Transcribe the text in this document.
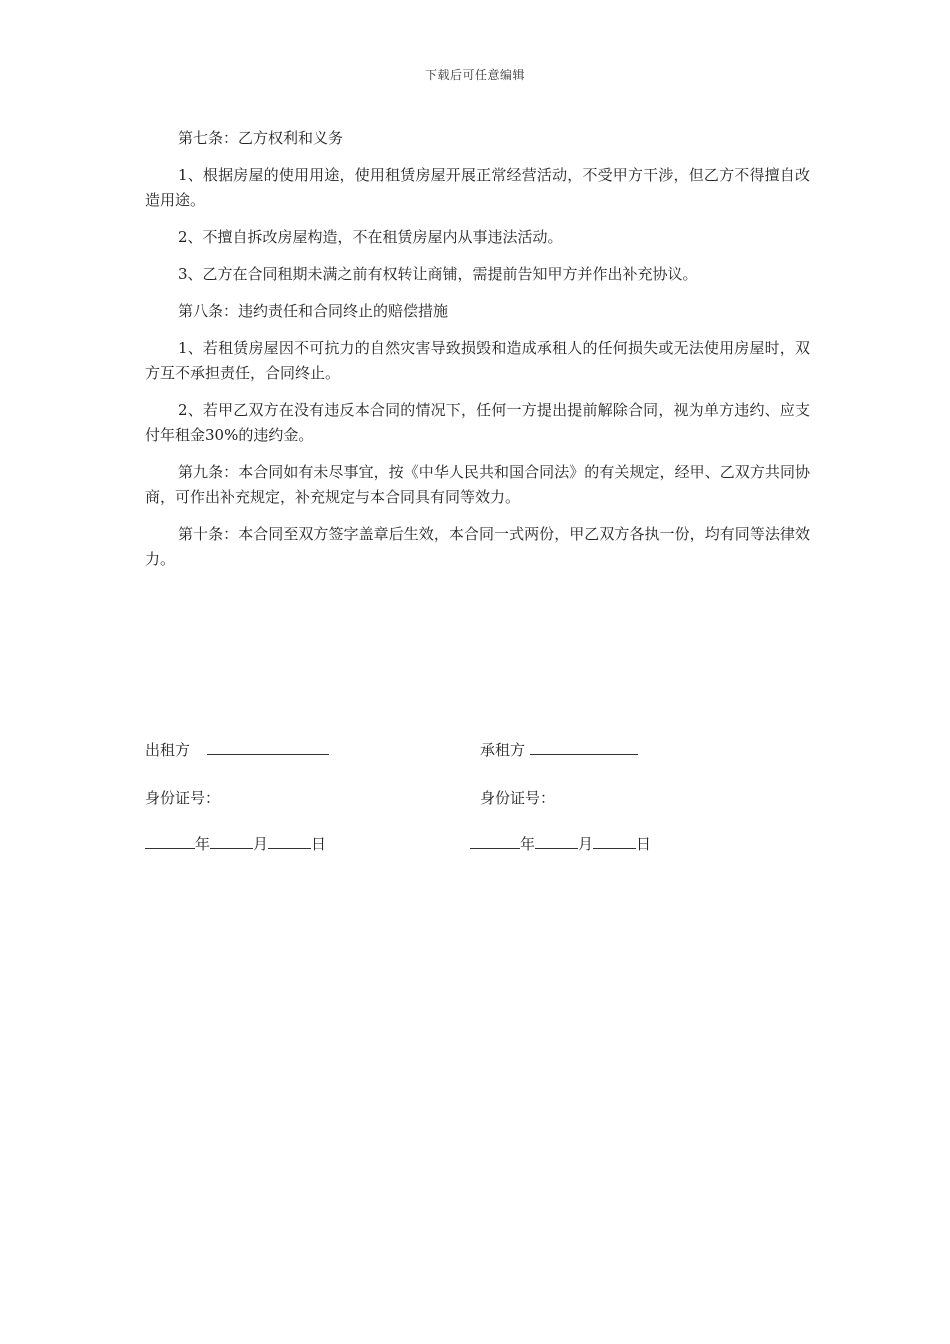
下载后可任意编辑

第七条：乙方权利和义务

1、根据房屋的使用用途，使用租赁房屋开展正常经营活动，不受甲方干涉，但乙方不得擅自改造用途。

2、不擅自拆改房屋构造，不在租赁房屋内从事违法活动。

3、乙方在合同租期未满之前有权转让商铺，需提前告知甲方并作出补充协议。

第八条：违约责任和合同终止的赔偿措施

1、若租赁房屋因不可抗力的自然灾害导致损毁和造成承租人的任何损失或无法使用房屋时，双方互不承担责任，合同终止。

2、若甲乙双方在没有违反本合同的情况下，任何一方提出提前解除合同，视为单方违约、应支付年租金30%的违约金。

第九条：本合同如有未尽事宜，按《中华人民共和国合同法》的有关规定，经甲、乙双方共同协商，可作出补充规定，补充规定与本合同具有同等效力。

第十条：本合同至双方签字盖章后生效，本合同一式两份，甲乙双方各执一份，均有同等法律效力。

出租方
身份证号：
年	月	日
承租方
身份证号：
年	月	日
